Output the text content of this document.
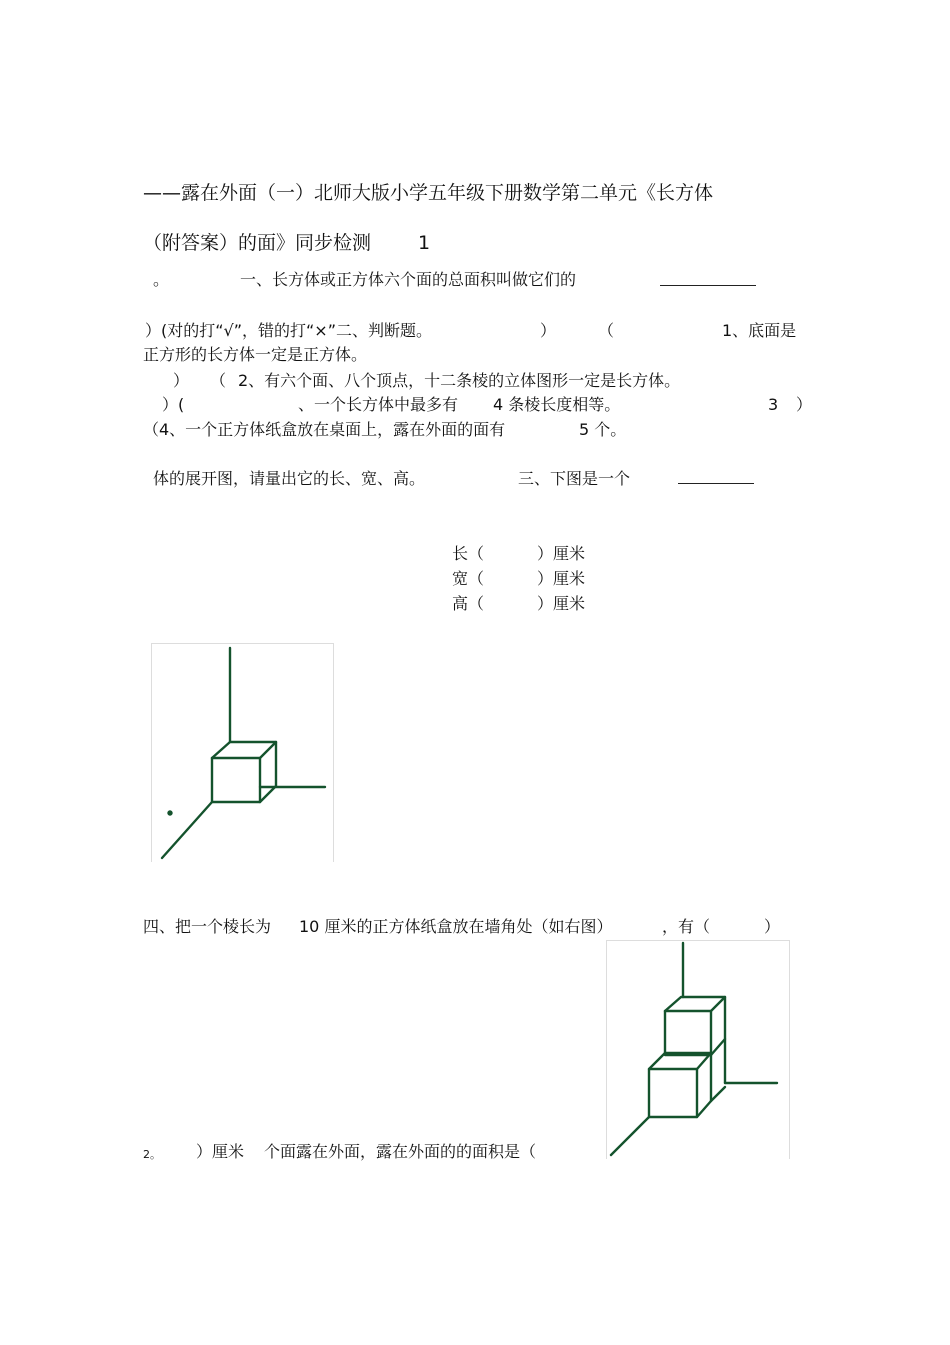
——露在外面（一）北师大版小学五年级下册数学第二单元《长方体
（附答案）的面》同步检测 1
。	一、长方体或正方体六个面的总面积叫做它们的
）(对的打“√”，错的打“×”二、判断题。	）	（	1、底面是
正方形的长方体一定是正方体。
） （ 2、有六个面、八个顶点，十二条棱的立体图形一定是长方体。
）(	、一个长方体中最多有 4 条棱长度相等。	3 ）
（4、一个正方体纸盒放在桌面上，露在外面的面有	5 个。
体的展开图，请量出它的长、宽、高。	三、下图是一个
长（	）厘米
宽（	）厘米
高（	）厘米
四、把一个棱长为 10 厘米的正方体纸盒放在墙角处（如右图）	，有（	）
2。 ）厘米 个面露在外面，露在外面的的面积是（
